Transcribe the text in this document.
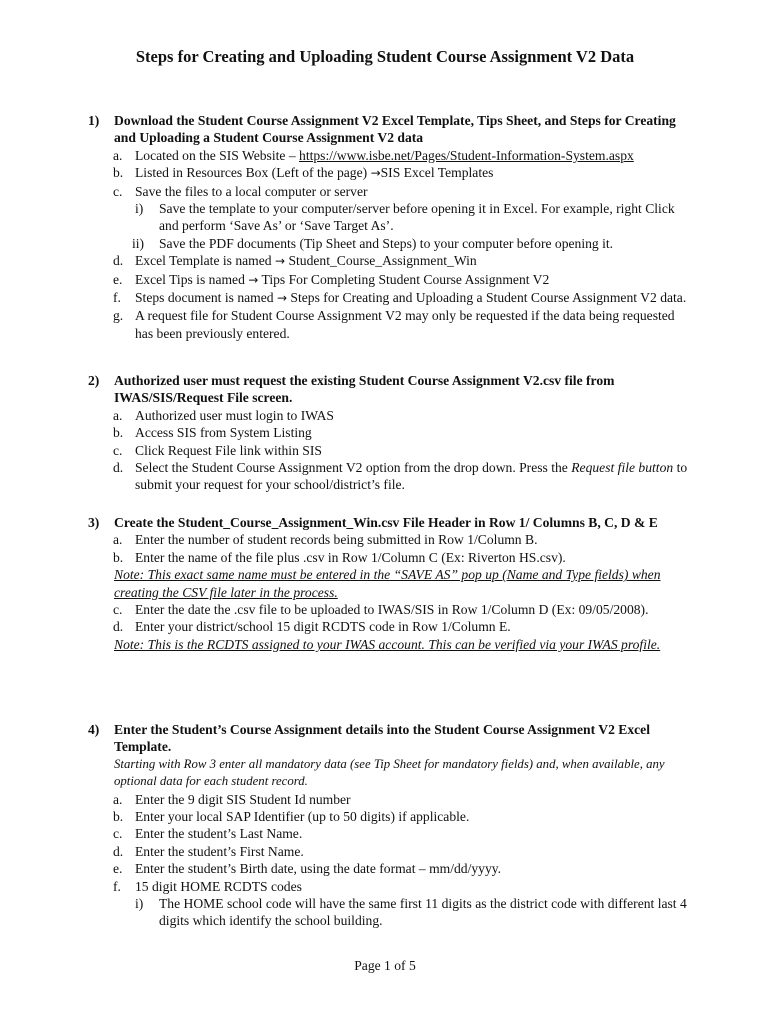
Steps for Creating and Uploading Student Course Assignment V2 Data
1) Download the Student Course Assignment V2 Excel Template, Tips Sheet, and Steps for Creating and Uploading a Student Course Assignment V2 data
a. Located on the SIS Website – https://www.isbe.net/Pages/Student-Information-System.aspx
b. Listed in Resources Box (Left of the page) →SIS Excel Templates
c. Save the files to a local computer or server
i) Save the template to your computer/server before opening it in Excel. For example, right Click and perform ‘Save As’ or ‘Save Target As’.
ii) Save the PDF documents (Tip Sheet and Steps) to your computer before opening it.
d. Excel Template is named → Student_Course_Assignment_Win
e. Excel Tips is named → Tips For Completing Student Course Assignment V2
f. Steps document is named → Steps for Creating and Uploading a Student Course Assignment V2 data.
g. A request file for Student Course Assignment V2 may only be requested if the data being requested has been previously entered.
2) Authorized user must request the existing Student Course Assignment V2.csv file from IWAS/SIS/Request File screen.
a. Authorized user must login to IWAS
b. Access SIS from System Listing
c. Click Request File link within SIS
d. Select the Student Course Assignment V2 option from the drop down. Press the Request file button to submit your request for your school/district’s file.
3) Create the Student_Course_Assignment_Win.csv File Header in Row 1/ Columns B, C, D & E
a. Enter the number of student records being submitted in Row 1/Column B.
b. Enter the name of the file plus .csv in Row 1/Column C (Ex: Riverton HS.csv).
Note: This exact same name must be entered in the “SAVE AS” pop up (Name and Type fields) when creating the CSV file later in the process.
c. Enter the date the .csv file to be uploaded to IWAS/SIS in Row 1/Column D (Ex: 09/05/2008).
d. Enter your district/school 15 digit RCDTS code in Row 1/Column E.
Note: This is the RCDTS assigned to your IWAS account. This can be verified via your IWAS profile.
4) Enter the Student’s Course Assignment details into the Student Course Assignment V2 Excel Template.
Starting with Row 3 enter all mandatory data (see Tip Sheet for mandatory fields) and, when available, any optional data for each student record.
a. Enter the 9 digit SIS Student Id number
b. Enter your local SAP Identifier (up to 50 digits) if applicable.
c. Enter the student’s Last Name.
d. Enter the student’s First Name.
e. Enter the student’s Birth date, using the date format – mm/dd/yyyy.
f. 15 digit HOME RCDTS codes
i) The HOME school code will have the same first 11 digits as the district code with different last 4 digits which identify the school building.
Page 1 of 5
